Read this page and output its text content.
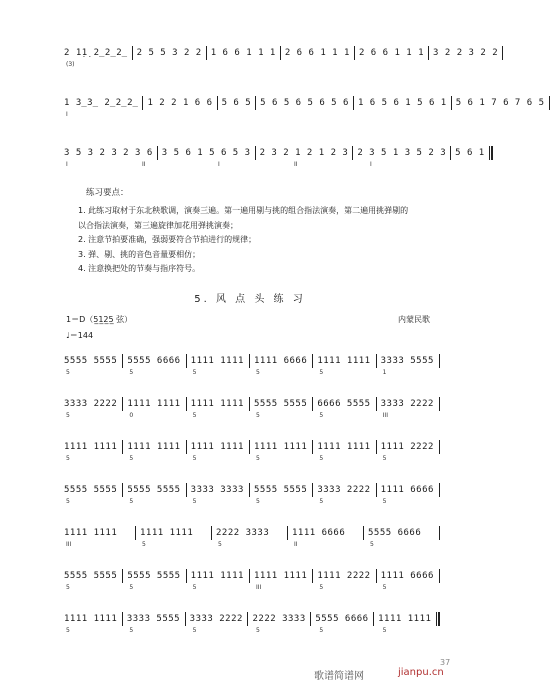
2 1̣1̣ 2̲2̲2̲	2 5 5 3 2 2	1 6 6 1 1 1	2 6 6 1 1 1	2 6 6 1 1 1	3 2 2 3 2 2
(3)
1 3̲3̲ 2̲2̲2̲	1 2 2 1 6 6	5 6 5	5 6 5 6 5 6 5 6	1 6 5 6 1 5 6 1	5 6 1 7 6 7 6 5
I
3 5 3 2 3 2 3 6	3 5 6 1 5 6 5 3	2 3 2 1 2 1 2 3	2 3 5 1 3 5 2 3	5 6 1
I	II	I	II	I
练习要点：
1. 此练习取材于东北秧歌调，演奏三遍。第一遍用剔与挑的组合指法演奏，第二遍用挑弹剔的
以合指法演奏，第三遍旋律加花用弹挑演奏；
2. 注意节拍要准确，强弱要符合节拍进行的规律；
3. 弹、剔、挑的音色音量要相仿；
4. 注意换把处的节奏与指序符号。
5. 风 点 头 练 习
1＝D（5̲1̲2̲5̲ 弦）	内蒙民歌
♩＝144
5555 5555	5555 6666	1111 1111	1111 6666	1111 1111	3333 5555
5	5	5	5	5	1
3333 2222	1111 1111	1111 1111	5555 5555	6666 5555	3333 2222
5	0	5	5	5	III
1111 1111	1111 1111	1111 1111	1111 1111	1111 1111	1111 2222
5	5	5	5	5	5
5555 5555	5555 5555	3333 3333	5555 5555	3333 2222	1111 6666
5	5	5	5	5	5
1111 1111	1111 1111	2222 3333	1111 6666	5555 6666
III	5	5	II	5
5555 5555	5555 5555	1111 1111	1111 1111	1111 2222	1111 6666
5	5	5	III	5	5
1111 1111	3333 5555	3333 2222	2222 3333	5555 6666	1111 1111
5	5	5	5	5	5
37
歌谱简谱网	jianpu.cn
